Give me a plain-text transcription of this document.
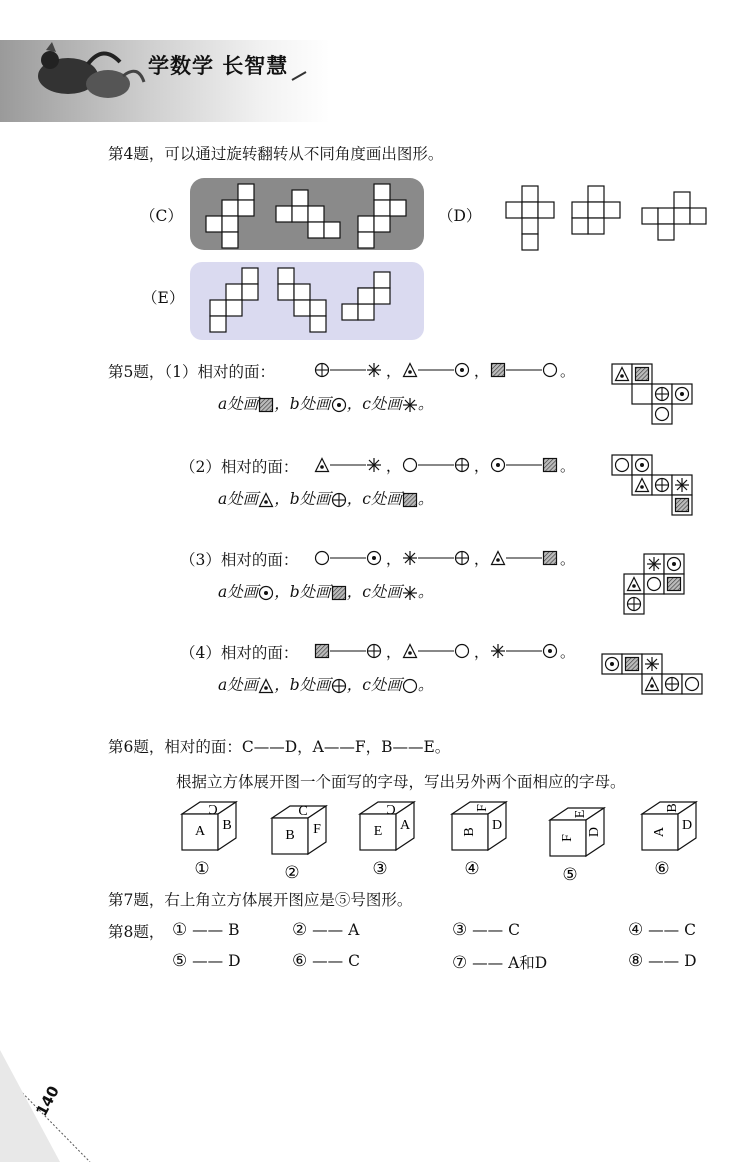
学数学 长智慧
第4题，可以通过旋转翻转从不同角度画出图形。
（C）	（D）
（E）
第5题，（1）相对的面：	，	，	。
a处画 ，b处画 ，c处画 。
（2）相对的面：	，	，	。
a处画 ，b处画 ，c处画 。
（3）相对的面：	，	，	。
a处画 ，b处画 ，c处画 。
（4）相对的面：	，	，	。
a处画 ，b处画 ，c处画 。
第6题，相对的面：C——D，A——F，B——E。
根据立方体展开图一个面写的字母，写出另外两个面相应的字母。
A B
C
①
B F
C
②
E A
C
③
B D
F
④
F
D
E
⑤
A D
B
⑥
第7题，右上角立方体展开图应是⑤号图形。
第8题， ① —— B	② —— A	③ —— C	④ —— C
⑤ —— D	⑥ —— C	⑦ —— A和D	⑧ —— D
140
